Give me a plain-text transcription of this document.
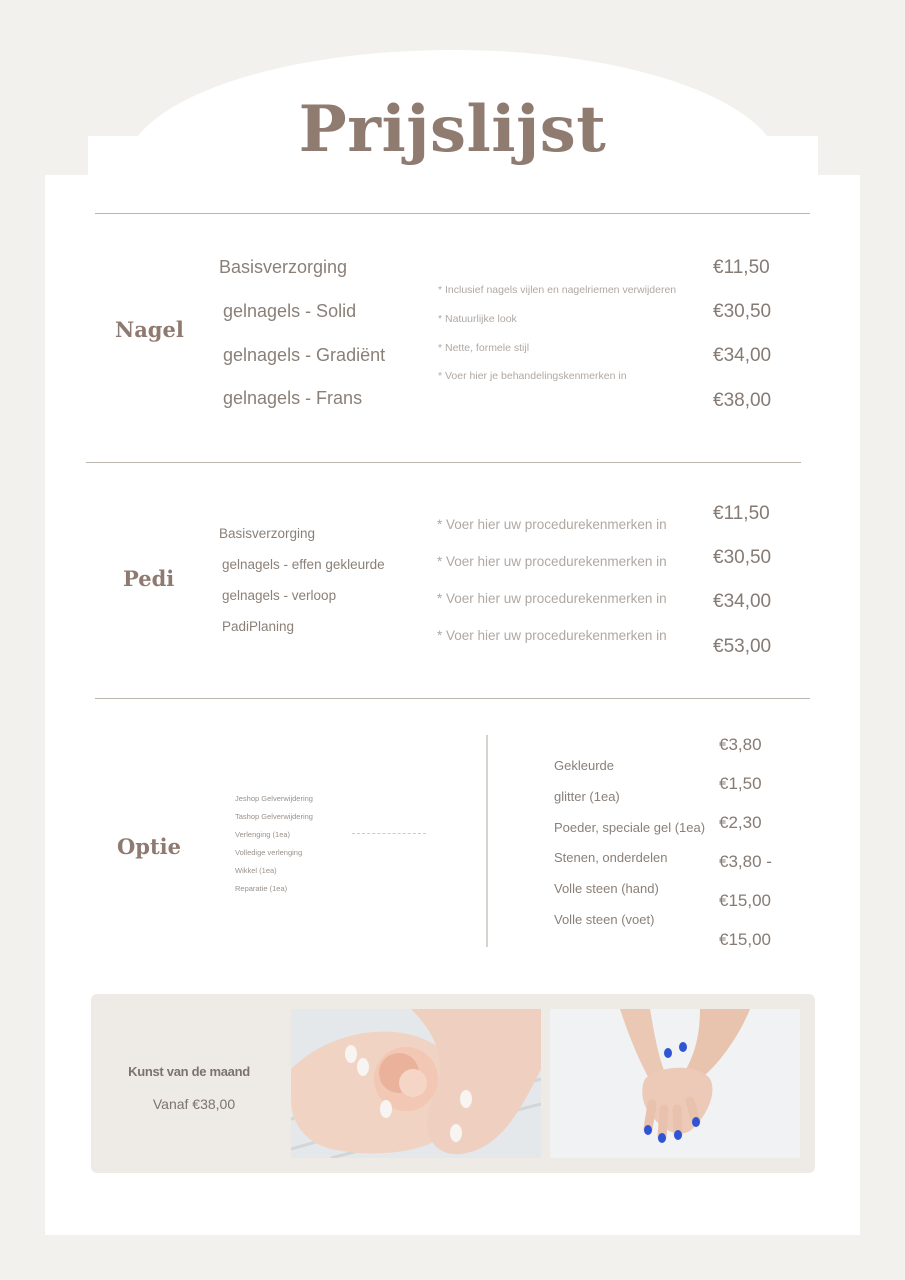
Prijslijst
Nagel
Basisverzorging
gelnagels - Solid
gelnagels - Gradiënt
gelnagels - Frans
* Inclusief nagels vijlen en nagelriemen verwijderen
* Natuurlijke look
* Nette, formele stijl
* Voer hier je behandelingskenmerken in
€11,50
€30,50
€34,00
€38,00
Pedi
Basisverzorging
gelnagels - effen gekleurde
gelnagels - verloop
PadiPlaning
* Voer hier uw procedurekenmerken in
* Voer hier uw procedurekenmerken in
* Voer hier uw procedurekenmerken in
* Voer hier uw procedurekenmerken in
€11,50
€30,50
€34,00
€53,00
Optie
Jeshop Gelverwijdering
Tashop Gelverwijdering
Verlenging (1ea)
Volledige verlenging
Wikkel (1ea)
Reparatie (1ea)
Gekleurde
glitter (1ea)
Poeder, speciale gel (1ea)
Stenen, onderdelen
Volle steen (hand)
Volle steen (voet)
€3,80
€1,50
€2,30
€3,80 -
€15,00
€15,00
Kunst van de maand
Vanaf €38,00
